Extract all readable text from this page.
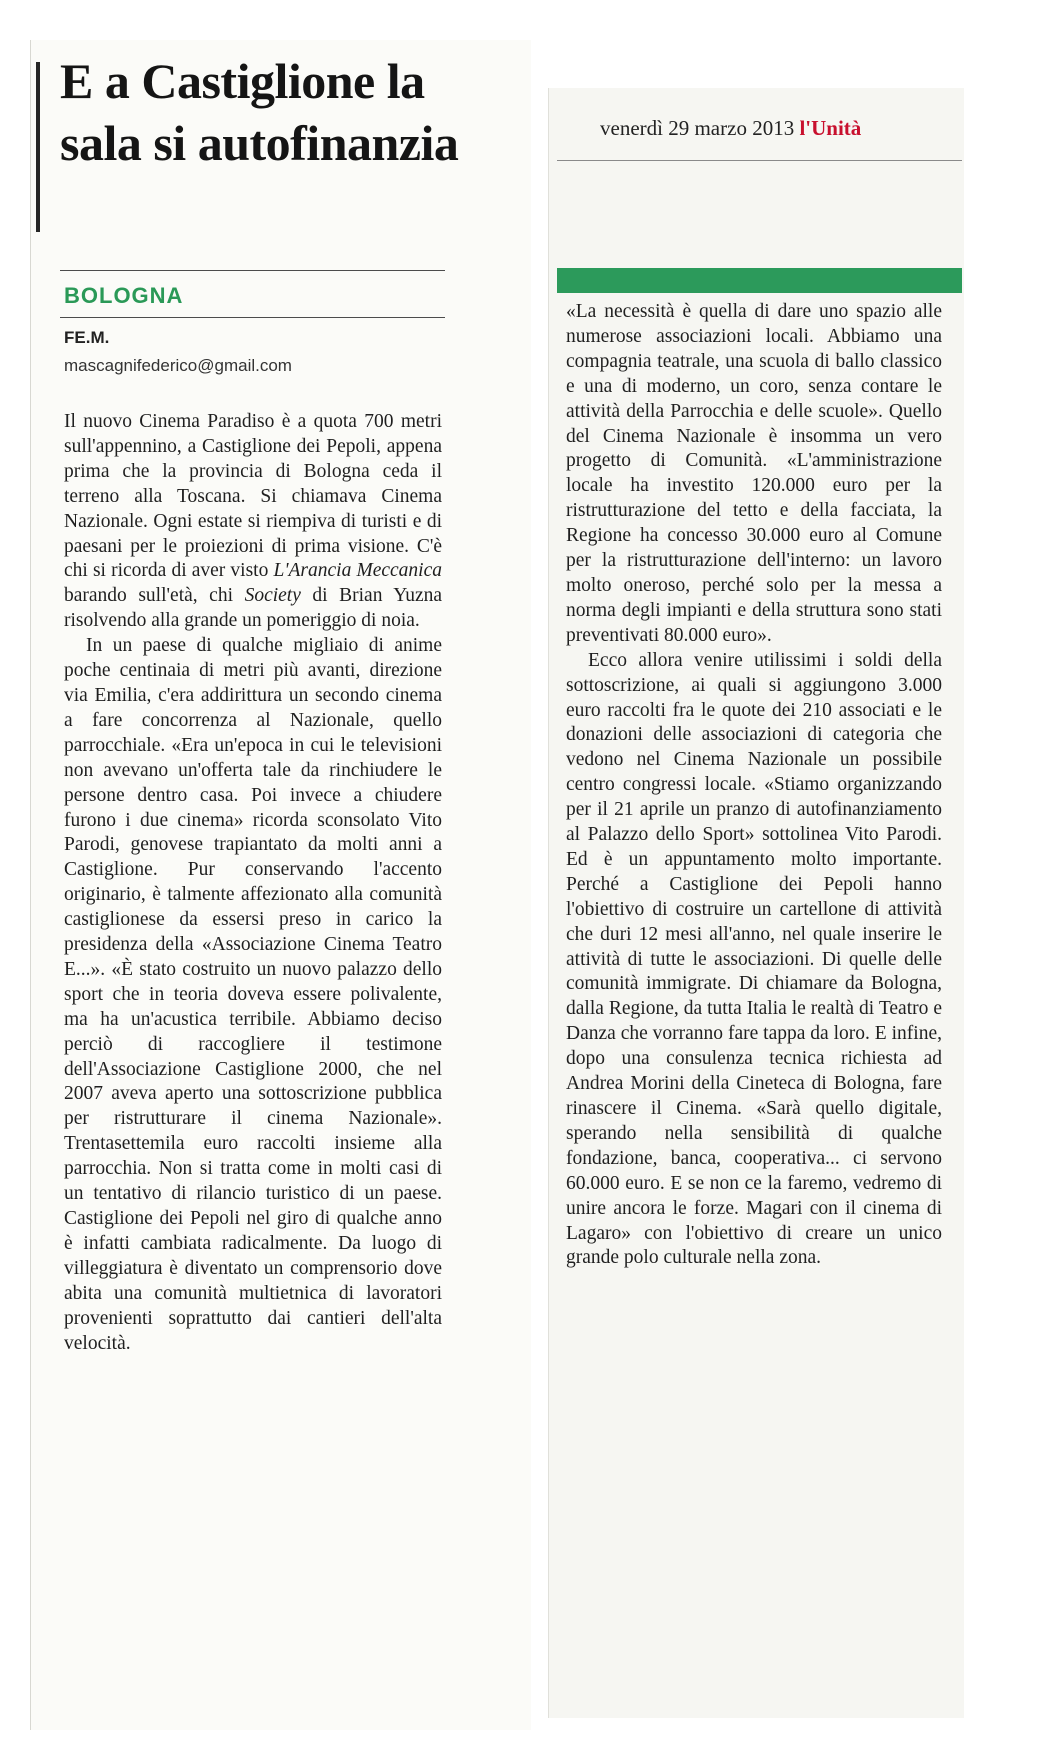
E a Castiglione la sala si autofinanzia
BOLOGNA
FE.M.
mascagnifederico@gmail.com
venerdì 29 marzo 2013 l'Unità

Il nuovo Cinema Paradiso è a quota 700 metri sull'appennino, a Castiglione dei Pepoli, appena prima che la provincia di Bologna ceda il terreno alla Toscana. Si chiamava Cinema Nazionale. Ogni estate si riempiva di turisti e di paesani per le proiezioni di prima visione. C'è chi si ricorda di aver visto L'Arancia Meccanica barando sull'età, chi Society di Brian Yuzna risolvendo alla grande un pomeriggio di noia.

In un paese di qualche migliaio di anime poche centinaia di metri più avanti, direzione via Emilia, c'era addirittura un secondo cinema a fare concorrenza al Nazionale, quello parrocchiale. «Era un'epoca in cui le televisioni non avevano un'offerta tale da rinchiudere le persone dentro casa. Poi invece a chiudere furono i due cinema» ricorda sconsolato Vito Parodi, genovese trapiantato da molti anni a Castiglione. Pur conservando l'accento originario, è talmente affezionato alla comunità castiglionese da essersi preso in carico la presidenza della «Associazione Cinema Teatro E...». «È stato costruito un nuovo palazzo dello sport che in teoria doveva essere polivalente, ma ha un'acustica terribile. Abbiamo deciso perciò di raccogliere il testimone dell'Associazione Castiglione 2000, che nel 2007 aveva aperto una sottoscrizione pubblica per ristrutturare il cinema Nazionale». Trentasettemila euro raccolti insieme alla parrocchia. Non si tratta come in molti casi di un tentativo di rilancio turistico di un paese. Castiglione dei Pepoli nel giro di qualche anno è infatti cambiata radicalmente. Da luogo di villeggiatura è diventato un comprensorio dove abita una comunità multietnica di lavoratori provenienti soprattutto dai cantieri dell'alta velocità.

«La necessità è quella di dare uno spazio alle numerose associazioni locali. Abbiamo una compagnia teatrale, una scuola di ballo classico e una di moderno, un coro, senza contare le attività della Parrocchia e delle scuole». Quello del Cinema Nazionale è insomma un vero progetto di Comunità. «L'amministrazione locale ha investito 120.000 euro per la ristrutturazione del tetto e della facciata, la Regione ha concesso 30.000 euro al Comune per la ristrutturazione dell'interno: un lavoro molto oneroso, perché solo per la messa a norma degli impianti e della struttura sono stati preventivati 80.000 euro».

Ecco allora venire utilissimi i soldi della sottoscrizione, ai quali si aggiungono 3.000 euro raccolti fra le quote dei 210 associati e le donazioni delle associazioni di categoria che vedono nel Cinema Nazionale un possibile centro congressi locale. «Stiamo organizzando per il 21 aprile un pranzo di autofinanziamento al Palazzo dello Sport» sottolinea Vito Parodi. Ed è un appuntamento molto importante. Perché a Castiglione dei Pepoli hanno l'obiettivo di costruire un cartellone di attività che duri 12 mesi all'anno, nel quale inserire le attività di tutte le associazioni. Di quelle delle comunità immigrate. Di chiamare da Bologna, dalla Regione, da tutta Italia le realtà di Teatro e Danza che vorranno fare tappa da loro. E infine, dopo una consulenza tecnica richiesta ad Andrea Morini della Cineteca di Bologna, fare rinascere il Cinema. «Sarà quello digitale, sperando nella sensibilità di qualche fondazione, banca, cooperativa... ci servono 60.000 euro. E se non ce la faremo, vedremo di unire ancora le forze. Magari con il cinema di Lagaro» con l'obiettivo di creare un unico grande polo culturale nella zona.
